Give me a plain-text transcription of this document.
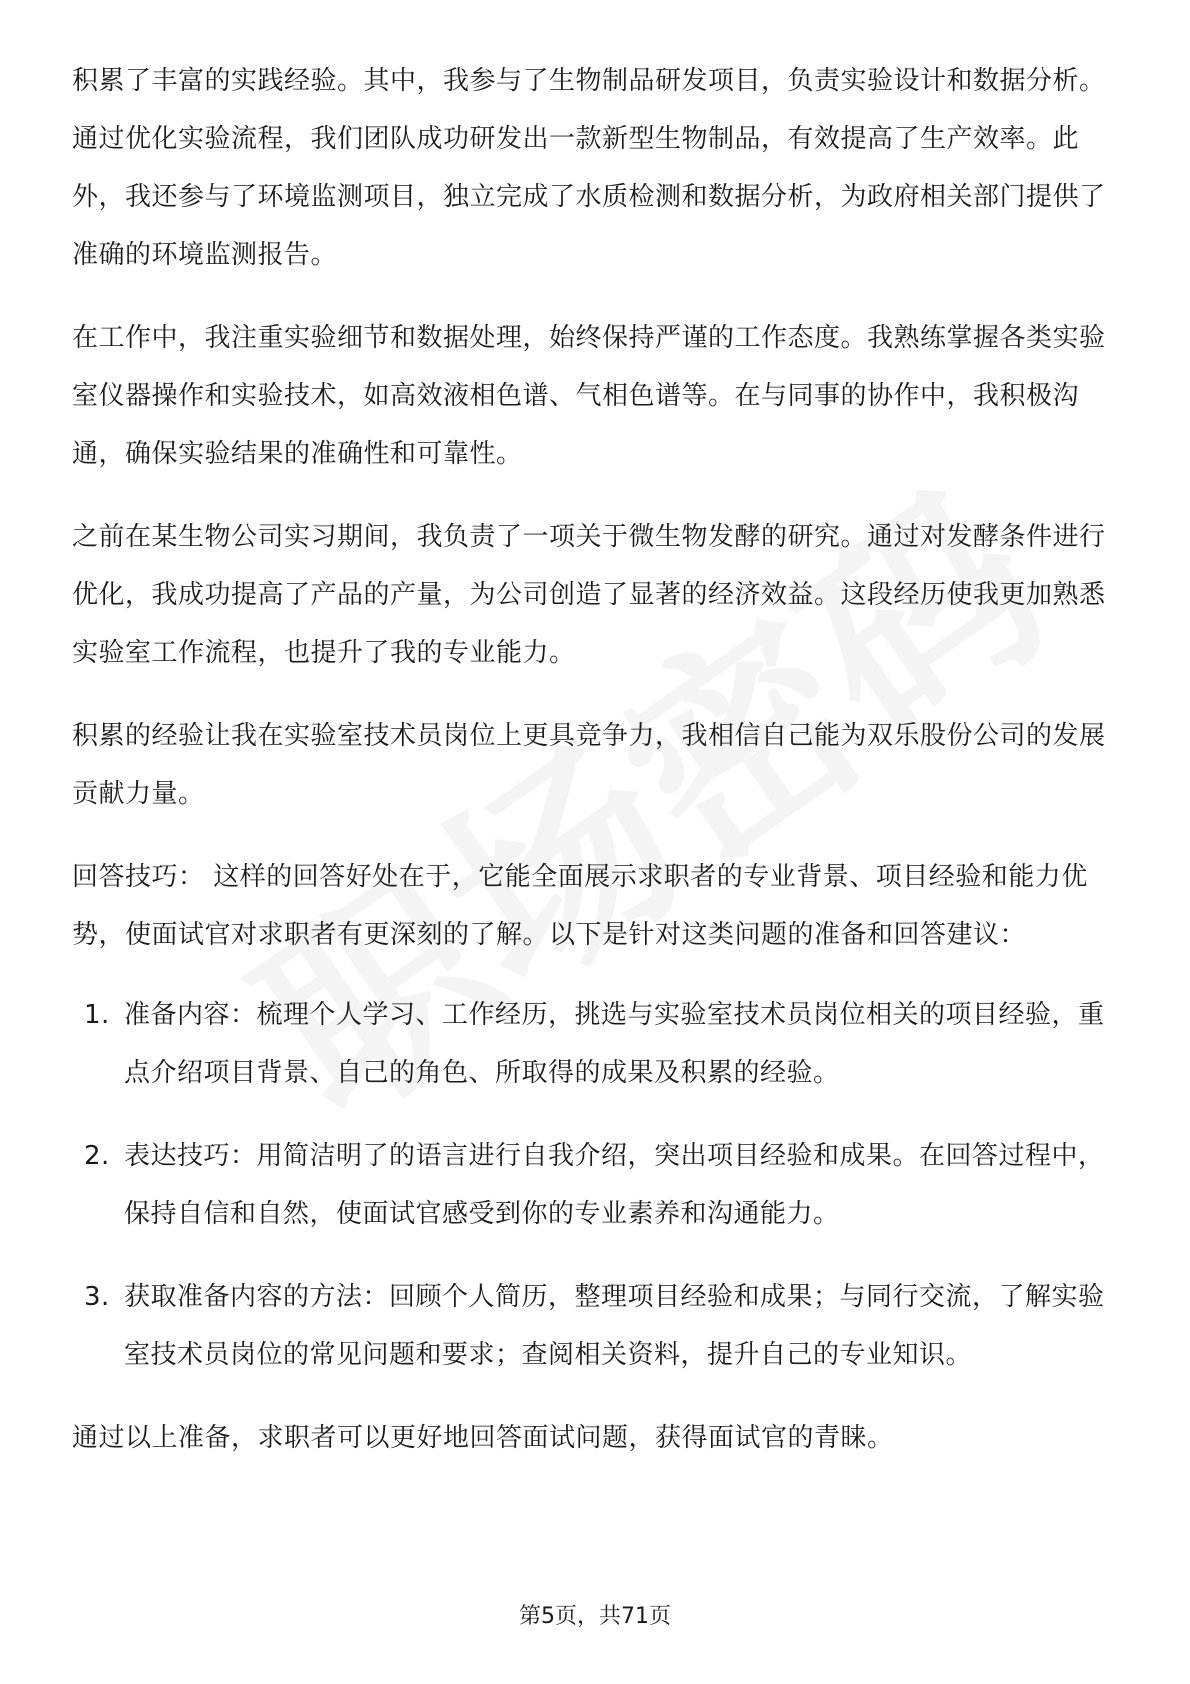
积累了丰富的实践经验。其中，我参与了生物制品研发项目，负责实验设计和数据分析。通过优化实验流程，我们团队成功研发出一款新型生物制品，有效提高了生产效率。此外，我还参与了环境监测项目，独立完成了水质检测和数据分析，为政府相关部门提供了准确的环境监测报告。

在工作中，我注重实验细节和数据处理，始终保持严谨的工作态度。我熟练掌握各类实验室仪器操作和实验技术，如高效液相色谱、气相色谱等。在与同事的协作中，我积极沟通，确保实验结果的准确性和可靠性。

之前在某生物公司实习期间，我负责了一项关于微生物发酵的研究。通过对发酵条件进行优化，我成功提高了产品的产量，为公司创造了显著的经济效益。这段经历使我更加熟悉实验室工作流程，也提升了我的专业能力。

积累的经验让我在实验室技术员岗位上更具竞争力，我相信自己能为双乐股份公司的发展贡献力量。

回答技巧： 这样的回答好处在于，它能全面展示求职者的专业背景、项目经验和能力优势，使面试官对求职者有更深刻的了解。以下是针对这类问题的准备和回答建议：

1. 准备内容：梳理个人学习、工作经历，挑选与实验室技术员岗位相关的项目经验，重点介绍项目背景、自己的角色、所取得的成果及积累的经验。
2. 表达技巧：用简洁明了的语言进行自我介绍，突出项目经验和成果。在回答过程中，保持自信和自然，使面试官感受到你的专业素养和沟通能力。
3. 获取准备内容的方法：回顾个人简历，整理项目经验和成果；与同行交流，了解实验室技术员岗位的常见问题和要求；查阅相关资料，提升自己的专业知识。

通过以上准备，求职者可以更好地回答面试问题，获得面试官的青睐。

第5页，共71页
